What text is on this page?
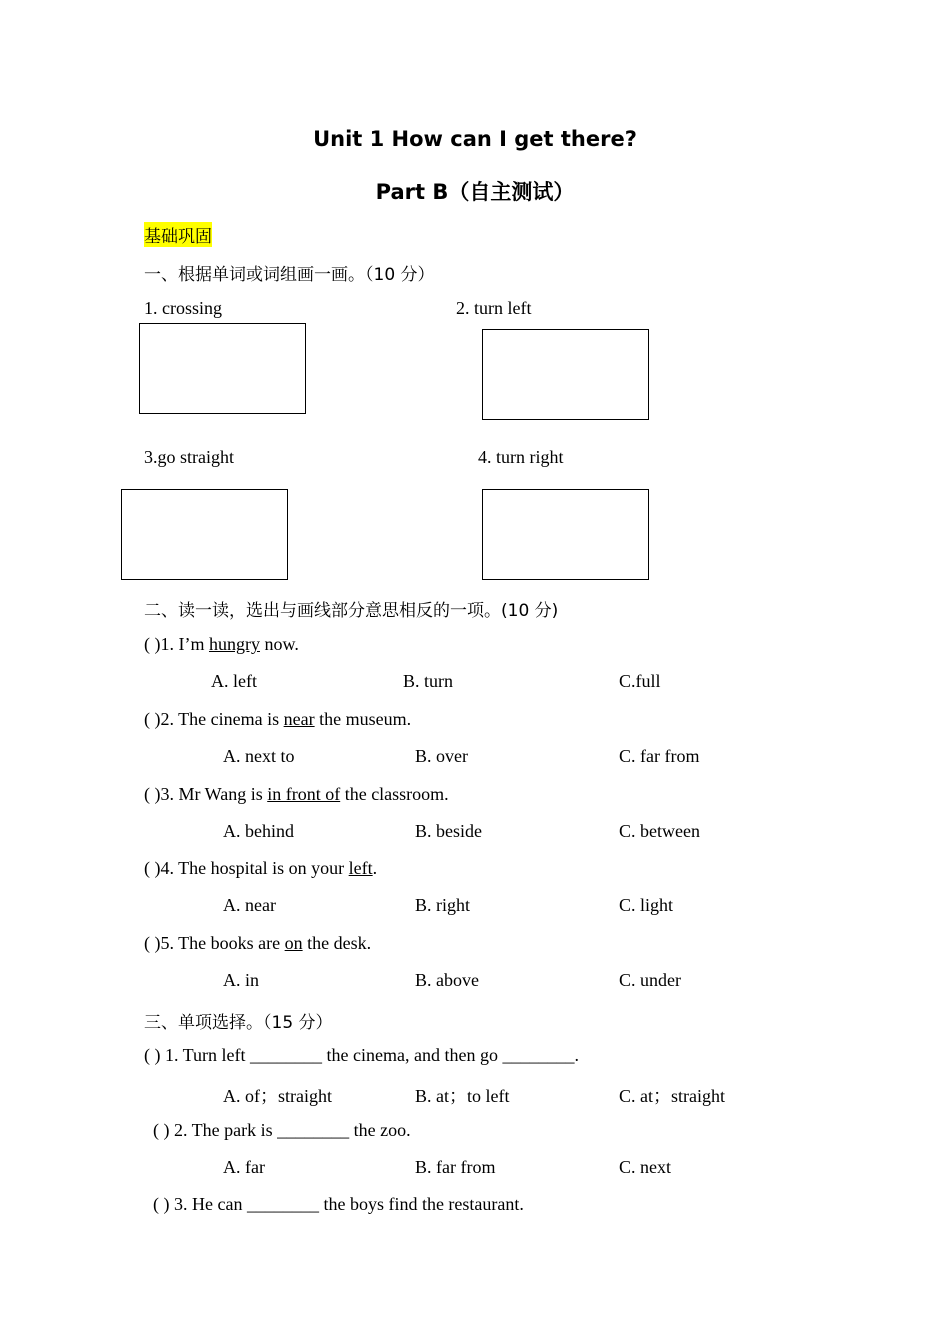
Unit 1 How can I get there?
Part B（自主测试）
基础巩固
一、根据单词或词组画一画。（10 分）
1. crossing	2. turn left
3.go straight	4. turn right
二、读一读，选出与画线部分意思相反的一项。(10 分)
( )1. I’m hungry now.
A. left	B. turn	C.full
( )2. The cinema is near the museum.
A. next to	B. over	C. far from
( )3. Mr Wang is in front of the classroom.
A. behind	B. beside	C. between
( )4. The hospital is on your left.
A. near	B. right	C. light
( )5. The books are on the desk.
A. in	B. above	C. under
三、单项选择。（15 分）
( ) 1. Turn left ________ the cinema, and then go ________.
A. of；straight	B. at；to left	C. at；straight
( ) 2. The park is ________ the zoo.
A. far	B. far from	C. next
( ) 3. He can ________ the boys find the restaurant.
